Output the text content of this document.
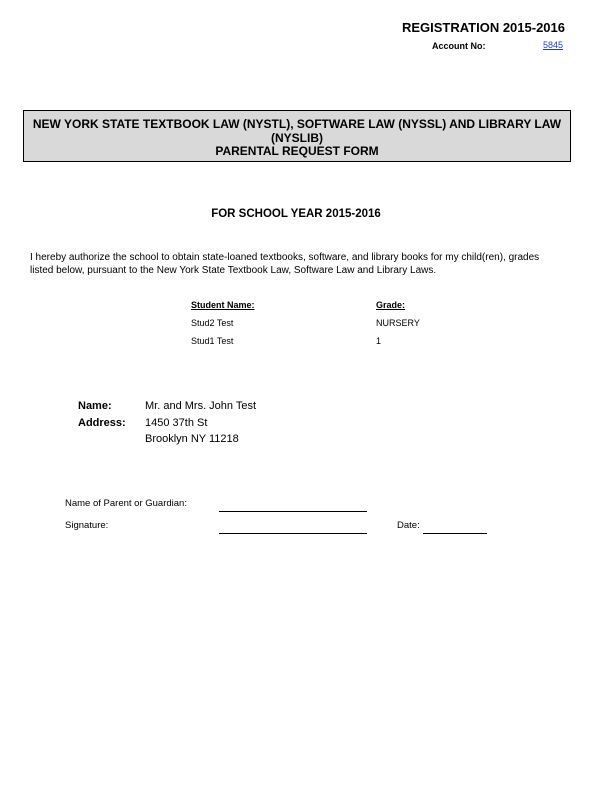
REGISTRATION 2015-2016
Account No:	5845
NEW YORK STATE TEXTBOOK LAW (NYSTL), SOFTWARE LAW (NYSSL) AND LIBRARY LAW
(NYSLIB)
PARENTAL REQUEST FORM
FOR SCHOOL YEAR 2015-2016
I hereby authorize the school to obtain state-loaned textbooks, software, and library books for my child(ren), grades
listed below, pursuant to the New York State Textbook Law, Software Law and Library Laws.
Student Name:	Grade:
Stud2 Test	NURSERY
Stud1 Test	1
Name:	Mr. and Mrs. John Test
Address: 1450 37th St
Brooklyn NY 11218
Name of Parent or Guardian:
Signature:	Date:
